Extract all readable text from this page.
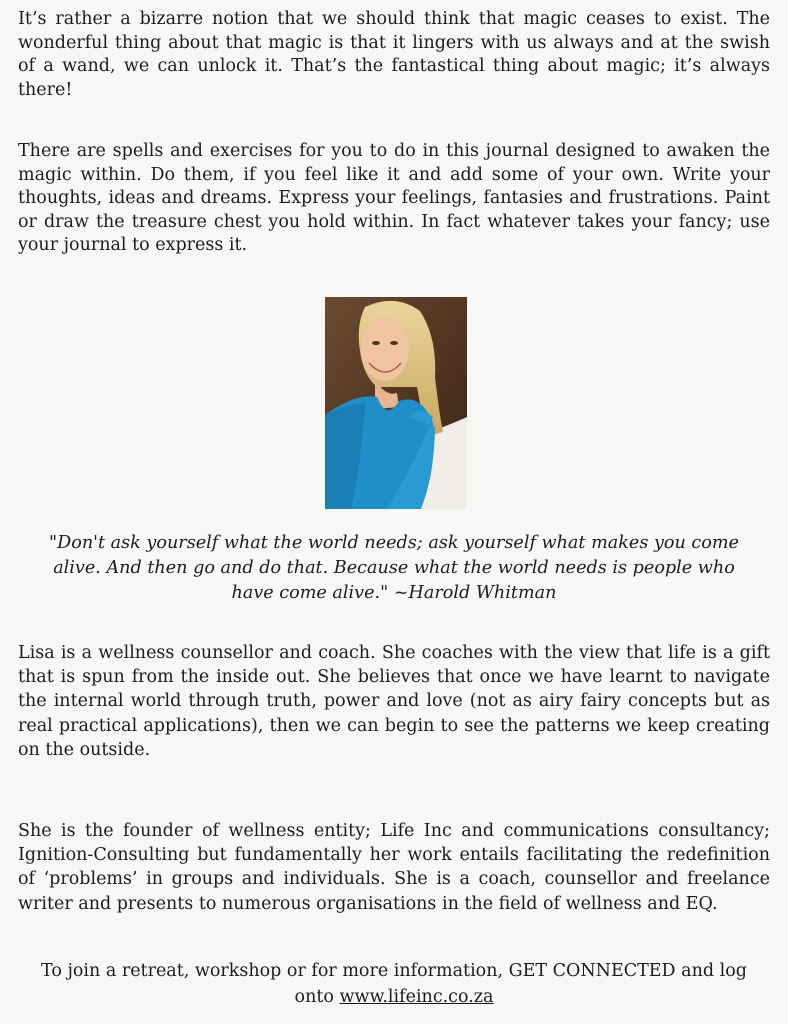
It’s rather a bizarre notion that we should think that magic ceases to exist. The wonderful thing about that magic is that it lingers with us always and at the swish of a wand, we can unlock it. That’s the fantastical thing about magic; it’s always there!

There are spells and exercises for you to do in this journal designed to awaken the magic within. Do them, if you feel like it and add some of your own. Write your thoughts, ideas and dreams. Express your feelings, fantasies and frustrations. Paint or draw the treasure chest you hold within. In fact whatever takes your fancy; use your journal to express it.

"Don't ask yourself what the world needs; ask yourself what makes you come
alive. And then go and do that. Because what the world needs is people who
have come alive." ~Harold Whitman

Lisa is a wellness counsellor and coach. She coaches with the view that life is a gift that is spun from the inside out. She believes that once we have learnt to navigate the internal world through truth, power and love (not as airy fairy concepts but as real practical applications), then we can begin to see the patterns we keep creating on the outside.

She is the founder of wellness entity; Life Inc and communications consultancy; Ignition-Consulting but fundamentally her work entails facilitating the redefinition of ‘problems’ in groups and individuals. She is a coach, counsellor and freelance writer and presents to numerous organisations in the field of wellness and EQ.

To join a retreat, workshop or for more information, GET CONNECTED and log
onto www.lifeinc.co.za
